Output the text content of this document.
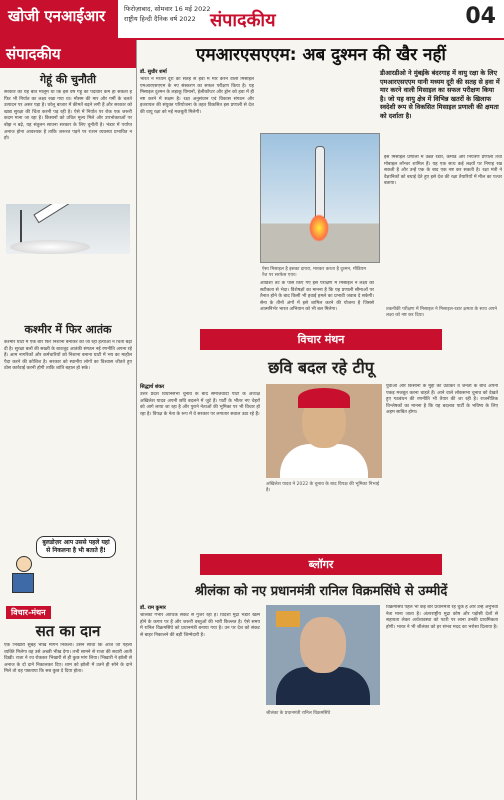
खोजी एनआईआर	फिरोज़ाबाद, सोमवार 16 मई 2022
राष्ट्रीय हिन्दी दैनिक वर्ष 2022 संपादकीय	04
संपादकीय
गेहूं की चुनौती
सरकार को यह बात मालूम थी कि इस वर्ष गेहूं की पैदावार कम हो सकती है फिर भी निर्यात का लक्ष्य रखा गया था। मौसम की मार और गर्मी के चलते उत्पादन पर असर पड़ा है। घरेलू बाजार में कीमतें बढ़ने लगी हैं और सरकार को खाद्य सुरक्षा की चिंता करनी पड़ रही है। ऐसे में निर्यात पर रोक एक जरूरी कदम माना जा रहा है। किसानों को उचित मूल्य मिले और उपभोक्ताओं पर बोझ न बढ़े, यह संतुलन साधना सरकार के लिए चुनौती है। भंडार में पर्याप्त अनाज होना आवश्यक है ताकि जरूरत पड़ने पर राशन व्यवस्था प्रभावित न हो।
कश्मीर में फिर आतंक
कश्मीर घाटी में एक बार फिर निशाना बनाकर की जा रही हत्याओं ने चिंता बढ़ा दी है। सुरक्षा बलों की सख्ती के बावजूद आतंकी संगठन नई रणनीति अपना रहे हैं। आम नागरिकों और कर्मचारियों को निशाना बनाना घाटी में भय का माहौल पैदा करने की कोशिश है। सरकार को स्थानीय लोगों का विश्वास जीतते हुए ठोस कार्रवाई करनी होगी ताकि शांति बहाल हो सके।
बुलडोज़र आप उससे पहले यहां से निकलना है भी बताते हैं!
विचार-मंथन
सत का दान
एक भिखारी सुबह भीख मांगने निकला। उसने सोचा कि आज जो पहला व्यक्ति मिलेगा वह उसे अच्छी भीख देगा। तभी सामने से राजा की सवारी आती दिखी। राजा ने रथ रोककर भिखारी से ही कुछ मांग लिया। भिखारी ने झोली से अनाज के दो दाने निकालकर दिए। शाम को झोली में उतने ही सोने के दाने मिले तो वह पछताया कि सब कुछ दे दिया होता।
एमआरएसएएम: अब दुश्मन की खैर नहीं
डॉ. सुधीर शर्मा
भारत ने मध्यम दूरी की सतह से हवा में मार करने वाली मिसाइल एमआरएसएएम के नए संस्करण का सफल परीक्षण किया है। यह मिसाइल दुश्मन के लड़ाकू विमानों, हेलीकॉप्टर और ड्रोन को हवा में ही नष्ट करने में सक्षम है। रक्षा अनुसंधान एवं विकास संगठन और इजरायल की संयुक्त परियोजना के तहत विकसित इस प्रणाली से देश की वायु रक्षा को नई मजबूती मिलेगी।
डीआरडीओ ने मुंबईके बंदरगाह में वायु रक्षा के लिए एमआरएसएएम यानी मध्यम दूरी की सतह से हवा में मार करने वाली मिसाइल का सफल परीक्षण किया है। जो यह वायु क्षेत्र में विभिन्न खतरों के खिलाफ स्वदेशी रूप से विकसित मिसाइल प्रणाली की क्षमता को दर्शाता है।
ऐसा मिसाइल है इसका दायरा, मारकर करता है दुश्मन, मीडियम रेंज पर सरफेस एयर।
ओडिशा तट के पास किए गए इस परीक्षण में मिसाइल ने लक्ष्य को सटीकता से भेदा। विशेषज्ञों का मानना है कि यह प्रणाली सीमाओं पर तैनात होने के बाद किसी भी हवाई हमले का प्रभावी जवाब दे सकेगी। सेना के तीनों अंगों में इसे शामिल करने की योजना है जिससे आत्मनिर्भर भारत अभियान को भी बल मिलेगा।
इस मिसाइल प्रणाली में उन्नत रडार, कमांड और नियंत्रण प्रणाली तथा मोबाइल लॉन्चर शामिल हैं। यह एक साथ कई लक्ष्यों पर निगाह रख सकती है और उन्हें एक के बाद एक नष्ट कर सकती है। रक्षा मंत्री ने वैज्ञानिकों को बधाई देते हुए इसे देश की रक्षा तैयारियों में मील का पत्थर बताया।
तकनीकी परीक्षण में मिसाइल ने मिसाइल-रडार क्षमता के साथ अपने लक्ष्य को नष्ट कर दिया।
विचार मंथन
छवि बदल रहे टीपू
सिद्धार्थ शंकर
उत्तर प्रदेश विधानसभा चुनाव के बाद समाजवादी पार्टी के अध्यक्ष अखिलेश यादव अपनी छवि बदलने में जुटे हैं। पार्टी के भीतर नए चेहरों को आगे लाया जा रहा है और पुराने नेताओं की भूमिका पर भी विचार हो रहा है। विपक्ष के नेता के रूप में वे सरकार पर लगातार सवाल उठा रहे हैं।
अखिलेश यादव ने 2022 के चुनाव के बाद विपक्ष की भूमिका निभाई है।
युवाओं और किसानों के मुद्दों को उठाकर वे जनता के बीच अपनी पकड़ मजबूत करना चाहते हैं। आने वाले लोकसभा चुनाव को देखते हुए गठबंधन की रणनीति भी तैयार की जा रही है। राजनीतिक विश्लेषकों का मानना है कि यह बदलाव पार्टी के भविष्य के लिए अहम साबित होगा।
ब्लॉगर
श्रीलंका को नए प्रधानमंत्री रानिल विक्रमसिंघे से उम्मीदें
डॉ. राम कुमार
श्रीलंका गंभीर आर्थिक संकट से गुजर रहा है। विदेशी मुद्रा भंडार खत्म होने के कगार पर है और जरूरी वस्तुओं की भारी किल्लत है। ऐसे समय में रानिल विक्रमसिंघे को प्रधानमंत्री बनाया गया है। उन पर देश को संकट से बाहर निकालने की बड़ी जिम्मेदारी है।
श्रीलंका के प्रधानमंत्री रानिल विक्रमसिंघे
विक्रमसिंघे पहले भी कई बार प्रधानमंत्री रह चुके हैं और उन्हें अनुभवी नेता माना जाता है। अंतरराष्ट्रीय मुद्रा कोष और पड़ोसी देशों से सहायता लेकर अर्थव्यवस्था को पटरी पर लाना उनकी प्राथमिकता होगी। भारत ने भी श्रीलंका को हर संभव मदद का भरोसा दिलाया है।
